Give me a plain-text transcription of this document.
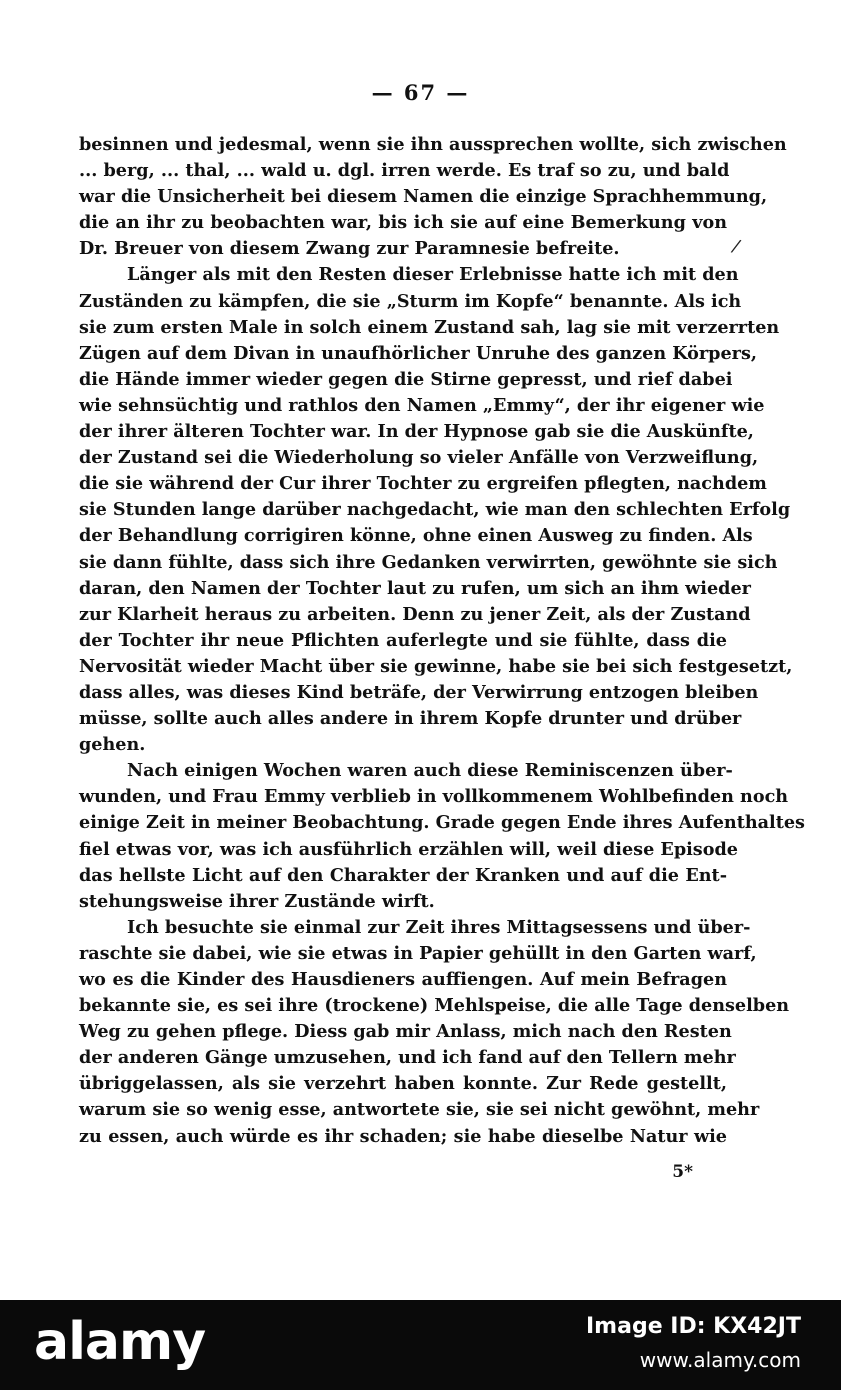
— 67 —
/
besinnen und jedesmal, wenn sie ihn aussprechen wollte, sich zwischen
... berg, ... thal, ... wald u. dgl. irren werde. Es traf so zu, und bald
war die Unsicherheit bei diesem Namen die einzige Sprachhemmung,
die an ihr zu beobachten war, bis ich sie auf eine Bemerkung von
Dr. Breuer von diesem Zwang zur Paramnesie befreite.
Länger als mit den Resten dieser Erlebnisse hatte ich mit den
Zuständen zu kämpfen, die sie „Sturm im Kopfe“ benannte. Als ich
sie zum ersten Male in solch einem Zustand sah, lag sie mit verzerrten
Zügen auf dem Divan in unaufhörlicher Unruhe des ganzen Körpers,
die Hände immer wieder gegen die Stirne gepresst, und rief dabei
wie sehnsüchtig und rathlos den Namen „Emmy“, der ihr eigener wie
der ihrer älteren Tochter war. In der Hypnose gab sie die Auskünfte,
der Zustand sei die Wiederholung so vieler Anfälle von Verzweiflung,
die sie während der Cur ihrer Tochter zu ergreifen pflegten, nachdem
sie Stunden lange darüber nachgedacht, wie man den schlechten Erfolg
der Behandlung corrigiren könne, ohne einen Ausweg zu finden. Als
sie dann fühlte, dass sich ihre Gedanken verwirrten, gewöhnte sie sich
daran, den Namen der Tochter laut zu rufen, um sich an ihm wieder
zur Klarheit heraus zu arbeiten. Denn zu jener Zeit, als der Zustand
der Tochter ihr neue Pflichten auferlegte und sie fühlte, dass die
Nervosität wieder Macht über sie gewinne, habe sie bei sich festgesetzt,
dass alles, was dieses Kind beträfe, der Verwirrung entzogen bleiben
müsse, sollte auch alles andere in ihrem Kopfe drunter und drüber
gehen.
Nach einigen Wochen waren auch diese Reminiscenzen über-
wunden, und Frau Emmy verblieb in vollkommenem Wohlbefinden noch
einige Zeit in meiner Beobachtung. Grade gegen Ende ihres Aufenthaltes
fiel etwas vor, was ich ausführlich erzählen will, weil diese Episode
das hellste Licht auf den Charakter der Kranken und auf die Ent-
stehungsweise ihrer Zustände wirft.
Ich besuchte sie einmal zur Zeit ihres Mittagsessens und über-
raschte sie dabei, wie sie etwas in Papier gehüllt in den Garten warf,
wo es die Kinder des Hausdieners auffiengen. Auf mein Befragen
bekannte sie, es sei ihre (trockene) Mehlspeise, die alle Tage denselben
Weg zu gehen pflege. Diess gab mir Anlass, mich nach den Resten
der anderen Gänge umzusehen, und ich fand auf den Tellern mehr
übriggelassen, als sie verzehrt haben konnte. Zur Rede gestellt,
warum sie so wenig esse, antwortete sie, sie sei nicht gewöhnt, mehr
zu essen, auch würde es ihr schaden; sie habe dieselbe Natur wie
5*
alamy	Image ID: KX42JT
www.alamy.com
